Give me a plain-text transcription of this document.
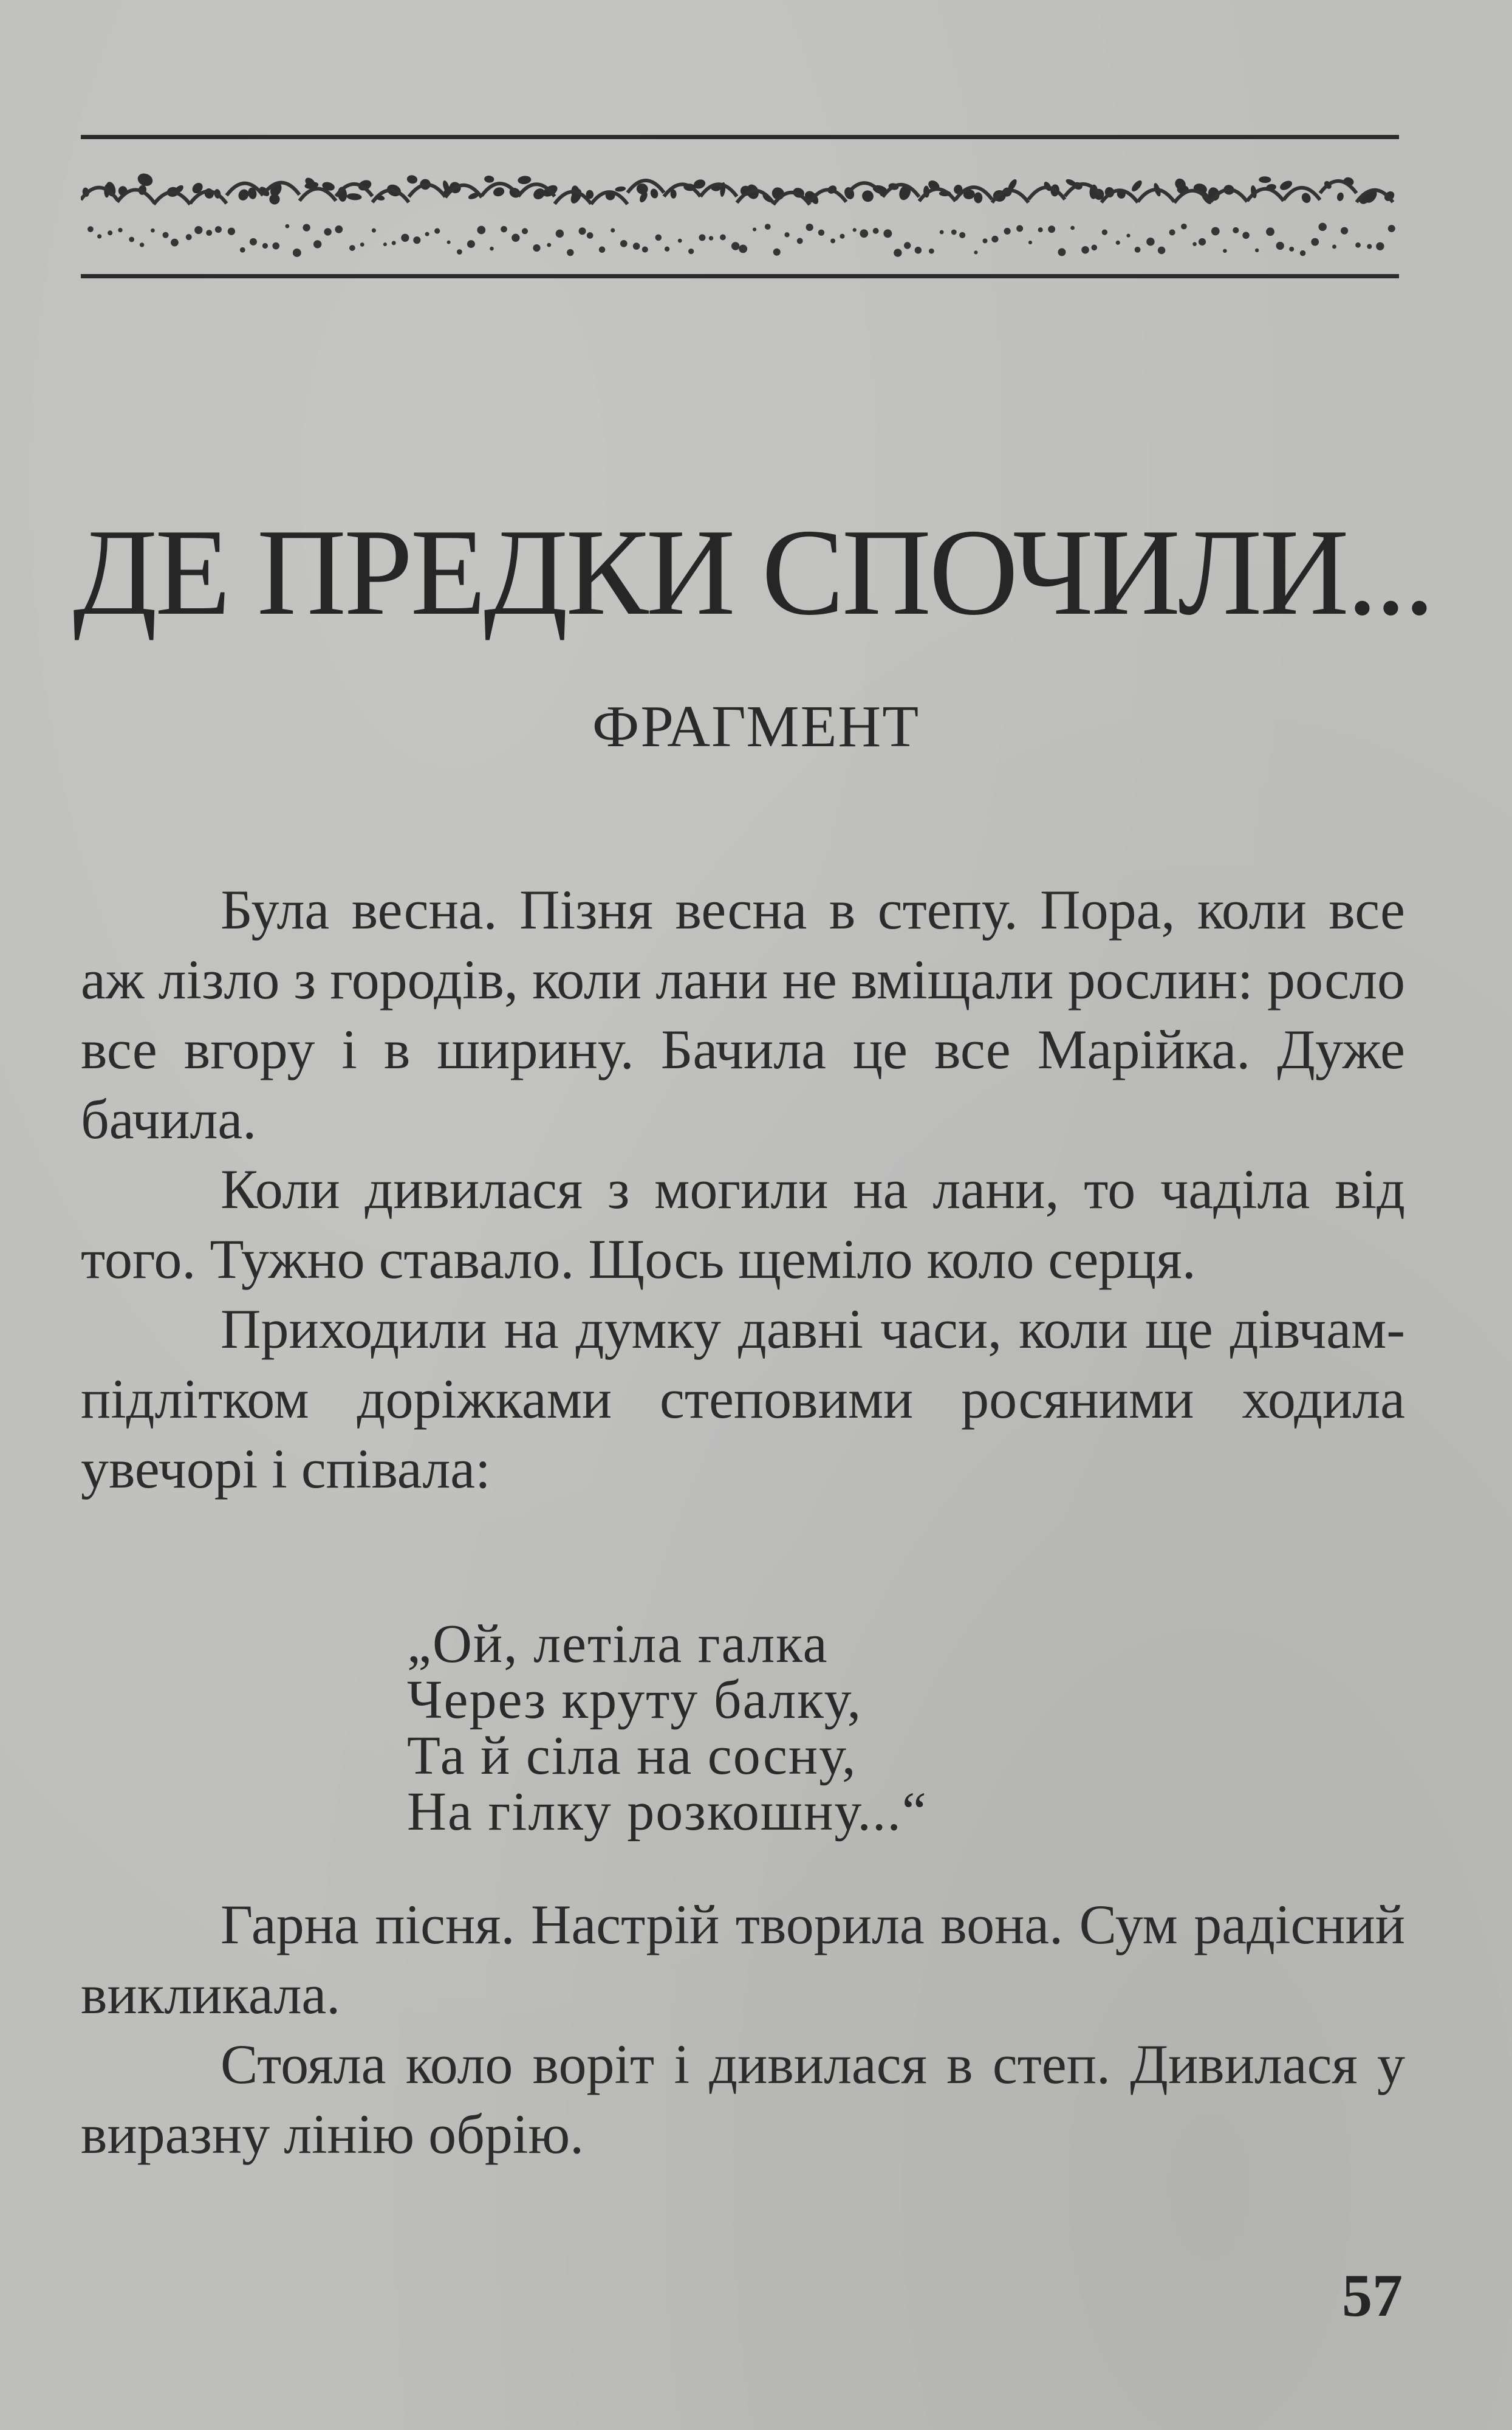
ДЕ ПРЕДКИ СПОЧИЛИ...
ФРАГМЕНТ

Була весна. Пізня весна в степу. Пора, коли все аж лізло з городів, коли лани не вміщали рослин: росло все вгору і в ширину. Бачила це все Марійка. Дуже бачила.

Коли дивилася з могили на лани, то чаділа від того. Тужно ставало. Щось щеміло коло серця.

Приходили на думку давні часи, коли ще дівчам-підлітком доріжками степовими росяними ходила увечорі і співала:

„Ой, летіла галка
Через круту балку,
Та й сіла на сосну,
На гілку розкошну...“

Гарна пісня. Настрій творила вона. Сум радісний викликала.

Стояла коло воріт і дивилася в степ. Дивилася у виразну лінію обрію.

57
